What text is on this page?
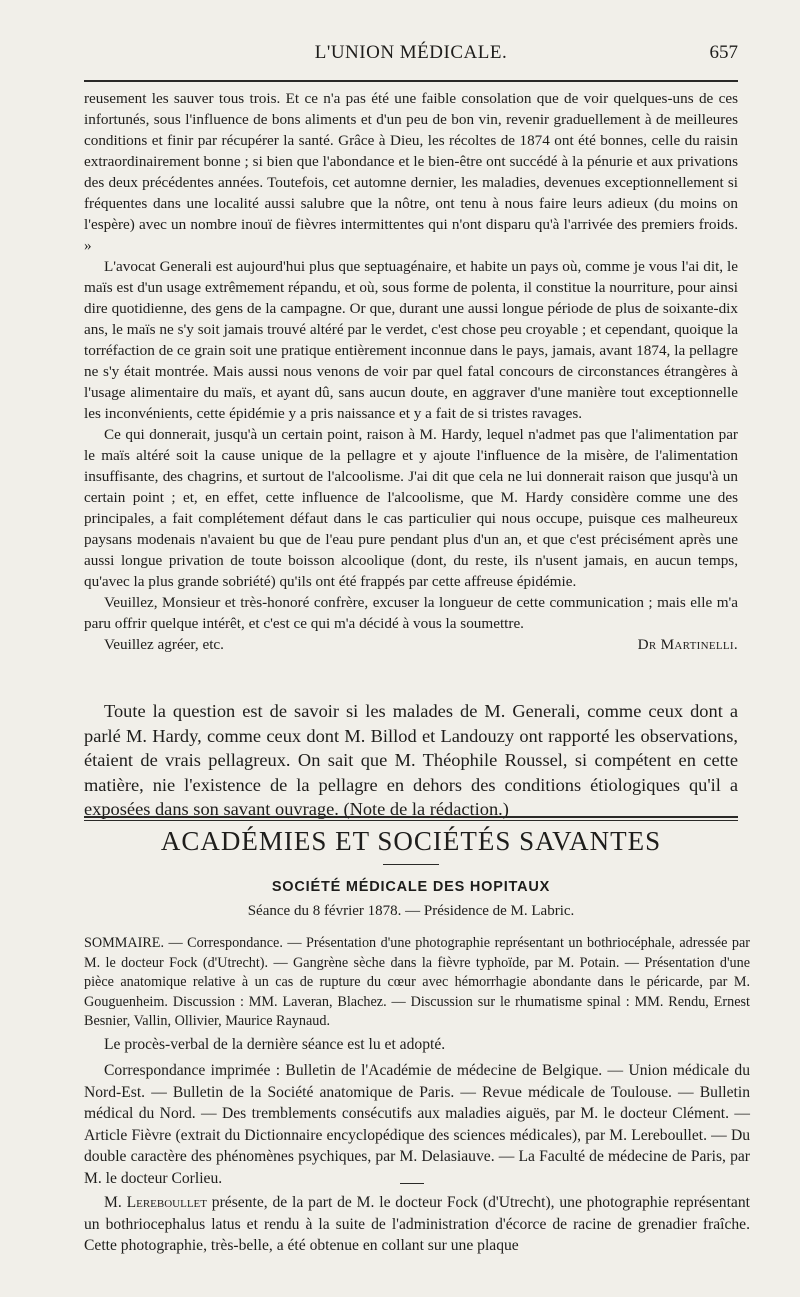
L'UNION MÉDICALE.	657

reusement les sauver tous trois. Et ce n'a pas été une faible consolation que de voir quelques-uns de ces infortunés, sous l'influence de bons aliments et d'un peu de bon vin, revenir graduellement à de meilleures conditions et finir par récupérer la santé. Grâce à Dieu, les récoltes de 1874 ont été bonnes, celle du raisin extraordinairement bonne ; si bien que l'abondance et le bien-être ont succédé à la pénurie et aux privations des deux précédentes années. Toutefois, cet automne dernier, les maladies, devenues exceptionnellement si fréquentes dans une localité aussi salubre que la nôtre, ont tenu à nous faire leurs adieux (du moins on l'espère) avec un nombre inouï de fièvres intermittentes qui n'ont disparu qu'à l'arrivée des premiers froids. »

L'avocat Generali est aujourd'hui plus que septuagénaire, et habite un pays où, comme je vous l'ai dit, le maïs est d'un usage extrêmement répandu, et où, sous forme de polenta, il constitue la nourriture, pour ainsi dire quotidienne, des gens de la campagne. Or que, durant une aussi longue période de plus de soixante-dix ans, le maïs ne s'y soit jamais trouvé altéré par le verdet, c'est chose peu croyable ; et cependant, quoique la torréfaction de ce grain soit une pratique entièrement inconnue dans le pays, jamais, avant 1874, la pellagre ne s'y était montrée. Mais aussi nous venons de voir par quel fatal concours de circonstances étrangères à l'usage alimentaire du maïs, et ayant dû, sans aucun doute, en aggraver d'une manière tout exceptionnelle les inconvénients, cette épidémie y a pris naissance et y a fait de si tristes ravages.

Ce qui donnerait, jusqu'à un certain point, raison à M. Hardy, lequel n'admet pas que l'alimentation par le maïs altéré soit la cause unique de la pellagre et y ajoute l'influence de la misère, de l'alimentation insuffisante, des chagrins, et surtout de l'alcoolisme. J'ai dit que cela ne lui donnerait raison que jusqu'à un certain point ; et, en effet, cette influence de l'alcoolisme, que M. Hardy considère comme une des principales, a fait complétement défaut dans le cas particulier qui nous occupe, puisque ces malheureux paysans modenais n'avaient bu que de l'eau pure pendant plus d'un an, et que c'est précisément après une aussi longue privation de toute boisson alcoolique (dont, du reste, ils n'usent jamais, en aucun temps, qu'avec la plus grande sobriété) qu'ils ont été frappés par cette affreuse épidémie.

Veuillez, Monsieur et très-honoré confrère, excuser la longueur de cette communication ; mais elle m'a paru offrir quelque intérêt, et c'est ce qui m'a décidé à vous la soumettre.

Veuillez agréer, etc.	Dr Martinelli.

Toute la question est de savoir si les malades de M. Generali, comme ceux dont a parlé M. Hardy, comme ceux dont M. Billod et Landouzy ont rapporté les observations, étaient de vrais pellagreux. On sait que M. Théophile Roussel, si compétent en cette matière, nie l'existence de la pellagre en dehors des conditions étiologiques qu'il a exposées dans son savant ouvrage. (Note de la rédaction.)

ACADÉMIES ET SOCIÉTÉS SAVANTES
SOCIÉTÉ MÉDICALE DES HOPITAUX
Séance du 8 février 1878. — Présidence de M. Labric.

SOMMAIRE. — Correspondance. — Présentation d'une photographie représentant un bothriocéphale, adressée par M. le docteur Fock (d'Utrecht). — Gangrène sèche dans la fièvre typhoïde, par M. Potain. — Présentation d'une pièce anatomique relative à un cas de rupture du cœur avec hémorrhagie abondante dans le péricarde, par M. Gouguenheim. Discussion : MM. Laveran, Blachez. — Discussion sur le rhumatisme spinal : MM. Rendu, Ernest Besnier, Vallin, Ollivier, Maurice Raynaud.

Le procès-verbal de la dernière séance est lu et adopté.

Correspondance imprimée : Bulletin de l'Académie de médecine de Belgique. — Union médicale du Nord-Est. — Bulletin de la Société anatomique de Paris. — Revue médicale de Toulouse. — Bulletin médical du Nord. — Des tremblements consécutifs aux maladies aiguës, par M. le docteur Clément. — Article Fièvre (extrait du Dictionnaire encyclopédique des sciences médicales), par M. Lereboullet. — Du double caractère des phénomènes psychiques, par M. Delasiauve. — La Faculté de médecine de Paris, par M. le docteur Corlieu.

M. Lereboullet présente, de la part de M. le docteur Fock (d'Utrecht), une photographie représentant un bothriocephalus latus et rendu à la suite de l'administration d'écorce de racine de grenadier fraîche. Cette photographie, très-belle, a été obtenue en collant sur une plaque
